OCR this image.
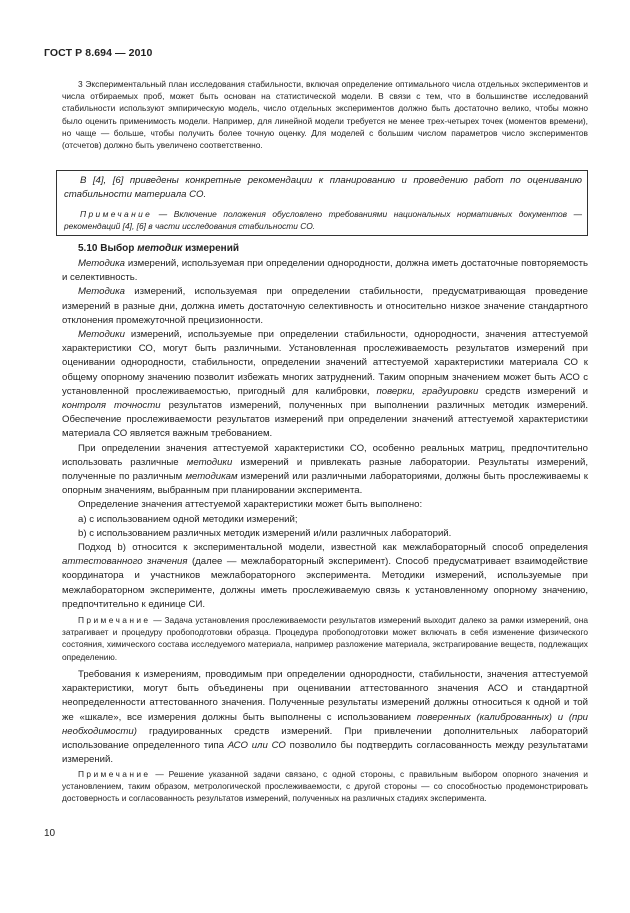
ГОСТ Р 8.694 — 2010

3 Экспериментальный план исследования стабильности, включая определение оптимального числа отдельных экспериментов и числа отбираемых проб, может быть основан на статистической модели. В связи с тем, что в большинстве исследований стабильности используют эмпирическую модель, число отдельных экспериментов должно быть достаточно велико, чтобы можно было оценить применимость модели. Например, для линейной модели требуется не менее трех-четырех точек (моментов времени), но чаще — больше, чтобы получить более точную оценку. Для моделей с большим числом параметров число экспериментов (отсчетов) должно быть увеличено соответственно.

В [4], [6] приведены конкретные рекомендации к планированию и проведению работ по оцениванию стабильности материала СО.

Примечание — Включение положения обусловлено требованиями национальных нормативных документов — рекомендаций [4], [6] в части исследования стабильности СО.

5.10 Выбор методик измерений

Методика измерений, используемая при определении однородности, должна иметь достаточные повторяемость и селективность.

Методика измерений, используемая при определении стабильности, предусматривающая проведение измерений в разные дни, должна иметь достаточную селективность и относительно низкое значение стандартного отклонения промежуточной прецизионности.

Методики измерений, используемые при определении стабильности, однородности, значения аттестуемой характеристики СО, могут быть различными. Установленная прослеживаемость результатов измерений при оценивании однородности, стабильности, определении значений аттестуемой характеристики материала СО к общему опорному значению позволит избежать многих затруднений. Таким опорным значением может быть АСО с установленной прослеживаемостью, пригодный для калибровки, поверки, градуировки средств измерений и контроля точности результатов измерений, полученных при выполнении различных методик измерений. Обеспечение прослеживаемости результатов измерений при определении значений аттестуемой характеристики материала СО является важным требованием.

При определении значения аттестуемой характеристики СО, особенно реальных матриц, предпочтительно использовать различные методики измерений и привлекать разные лаборатории. Результаты измерений, полученные по различным методикам измерений или различными лабораториями, должны быть прослеживаемы к опорным значениям, выбранным при планировании эксперимента.

Определение значения аттестуемой характеристики может быть выполнено:

a) с использованием одной методики измерений;

b) с использованием различных методик измерений и/или различных лабораторий.

Подход b) относится к экспериментальной модели, известной как межлабораторный способ определения аттестованного значения (далее — межлабораторный эксперимент). Способ предусматривает взаимодействие координатора и участников межлабораторного эксперимента. Методики измерений, используемые при межлабораторном эксперименте, должны иметь прослеживаемую связь к установленному опорному значению, предпочтительно к единице СИ.

Примечание — Задача установления прослеживаемости результатов измерений выходит далеко за рамки измерений, она затрагивает и процедуру пробоподготовки образца. Процедура пробоподготовки может включать в себя изменение физического состояния, химического состава исследуемого материала, например разложение материала, экстрагирование веществ, подлежащих определению.

Требования к измерениям, проводимым при определении однородности, стабильности, значения аттестуемой характеристики, могут быть объединены при оценивании аттестованного значения АСО и стандартной неопределенности аттестованного значения. Полученные результаты измерений должны относиться к одной и той же «шкале», все измерения должны быть выполнены с использованием поверенных (калиброванных) и (при необходимости) градуированных средств измерений. При привлечении дополнительных лабораторий использование определенного типа АСО или СО позволило бы подтвердить согласованность между результатами измерений.

Примечание — Решение указанной задачи связано, с одной стороны, с правильным выбором опорного значения и установлением, таким образом, метрологической прослеживаемости, с другой стороны — со способностью продемонстрировать достоверность и согласованность результатов измерений, полученных на различных стадиях эксперимента.

10
